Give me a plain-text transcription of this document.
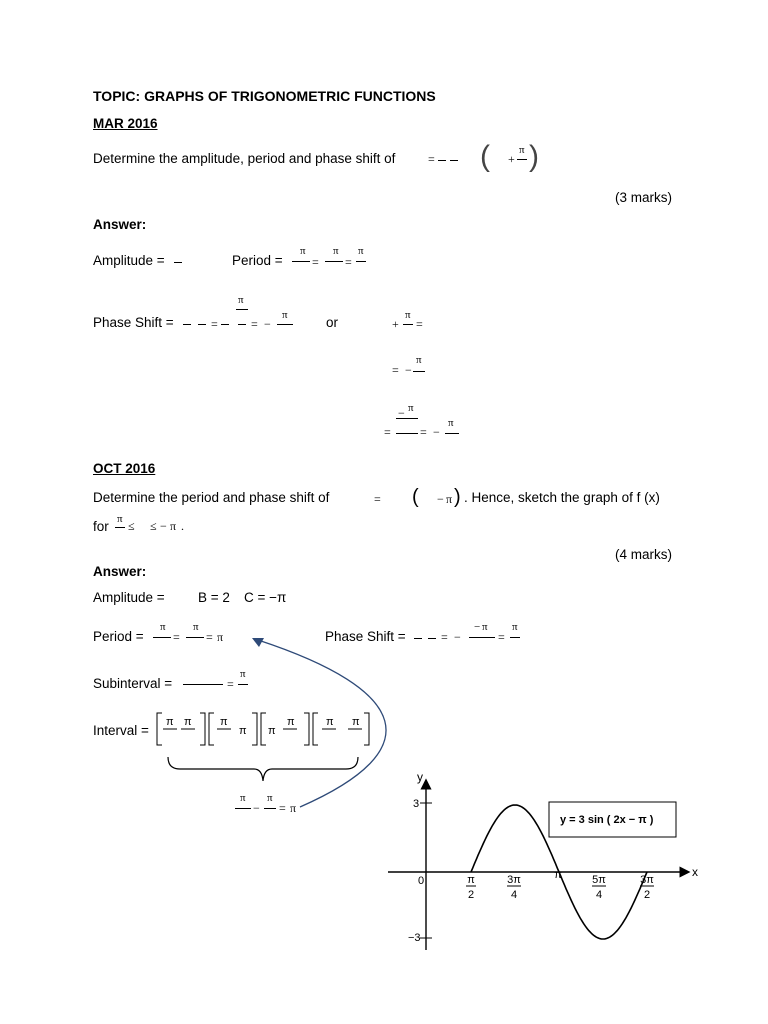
TOPIC: GRAPHS OF TRIGONOMETRIC FUNCTIONS
MAR 2016
Determine the amplitude, period and phase shift of	= ( +
π )
(3 marks)
Answer:
Amplitude =	Period =
π
=
π
=
π
Phase Shift =	=
π
= −
π	or	+
π
=
= −
π
− π
= = −
π
OCT 2016
Determine the period and phase shift of	= ( − π ) . Hence, sketch the graph of f (x)
for π ≤ ≤ − π .
(4 marks)
Answer:
Amplitude = B = 2 C = −π
Period =
π
=
π
= π	Phase Shift =	= −
− π
=
π
Subinterval =	=
π
Interval =
π π	π
π π
π	π π
π
−
π
= π
x
y
0
3
−3
π
2
3π
4
π	5π
4
3π
2
y = 3 sin ( 2x − π )
